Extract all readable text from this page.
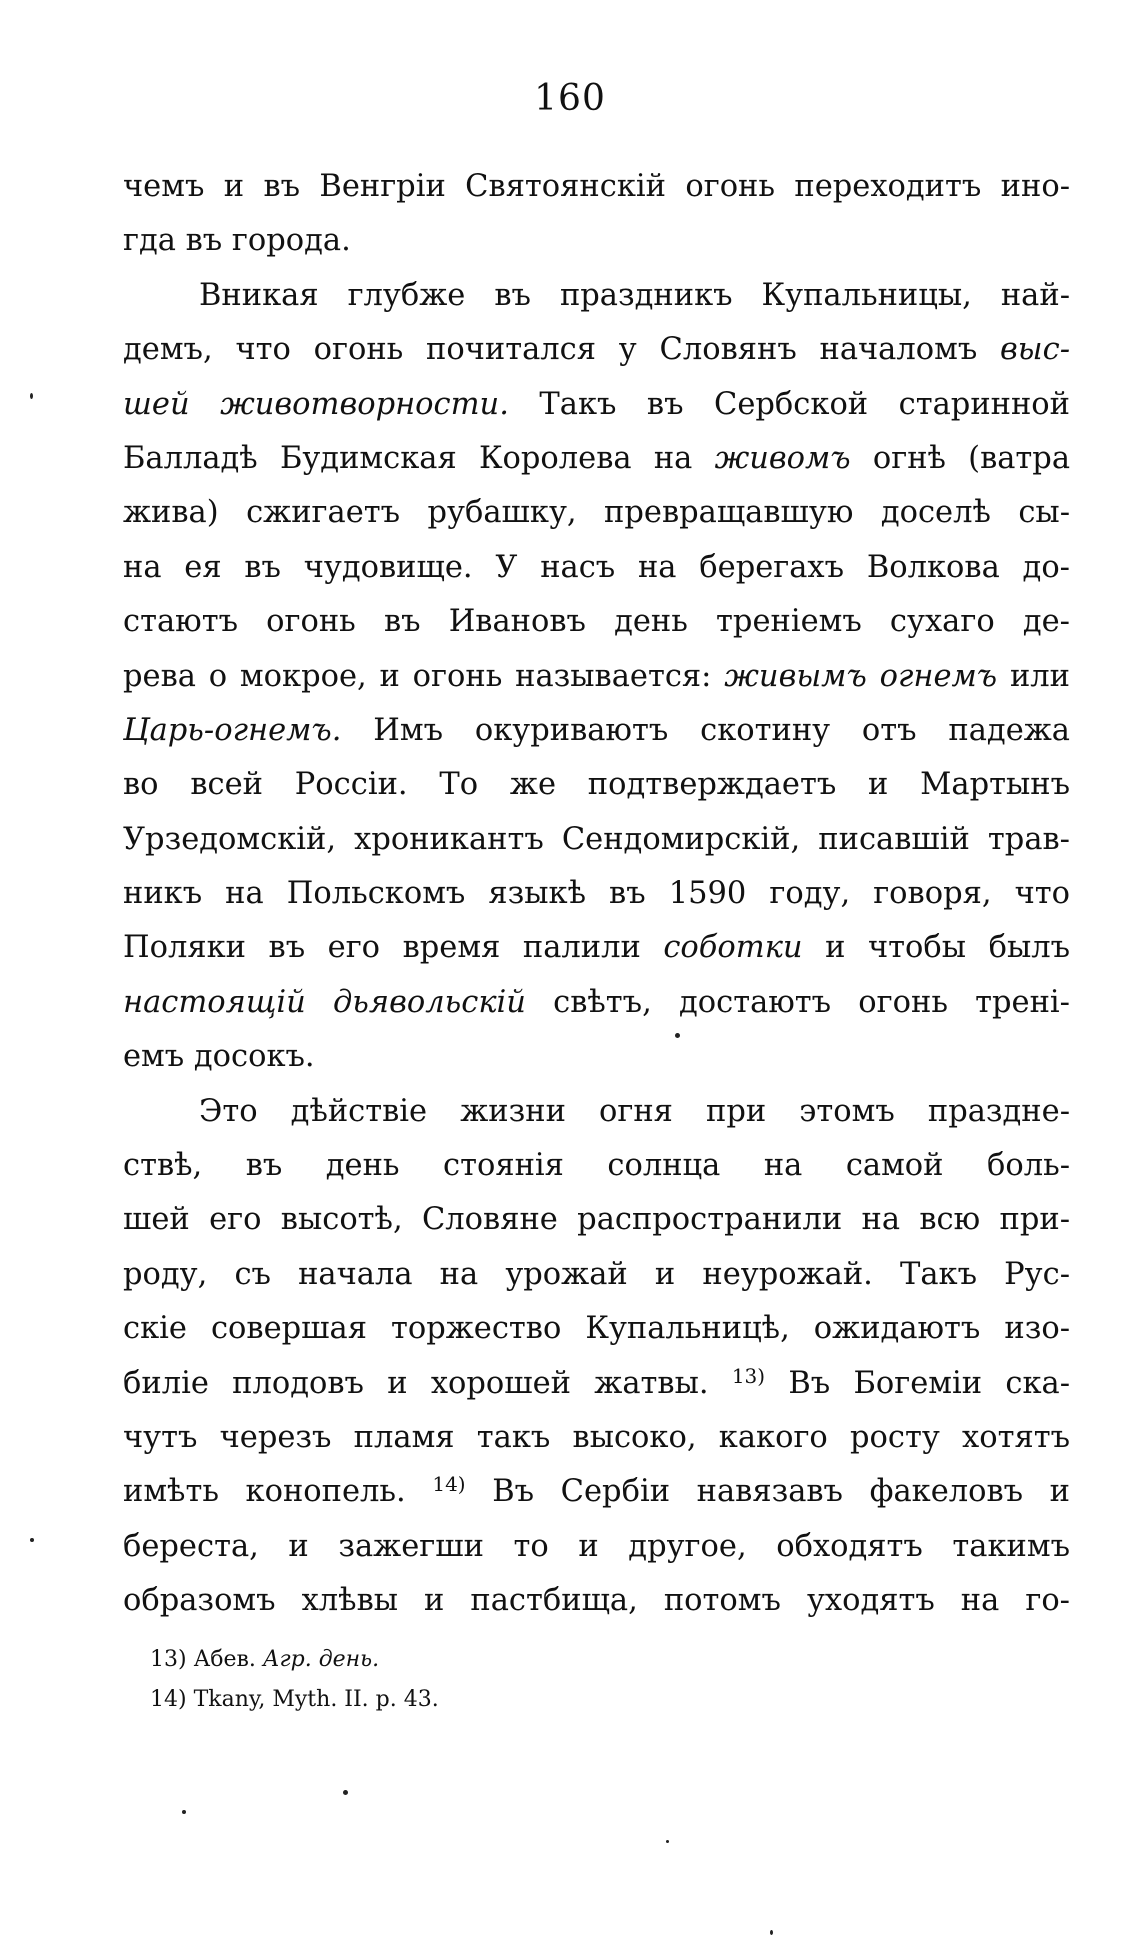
160
чемъ и въ Венгріи Святоянскій огонь переходитъ ино-
гда въ города.
Вникая глубже въ праздникъ Купальницы, най-
демъ, что огонь почитался у Словянъ началомъ выс-
шей животворности. Такъ въ Сербской старинной
Балладѣ Будимская Королева на живомъ огнѣ (ватра
жива) сжигаетъ рубашку, превращавшую доселѣ сы-
на ея въ чудовище. У насъ на берегахъ Волкова до-
стаютъ огонь въ Ивановъ день треніемъ сухаго де-
рева о мокрое, и огонь называется: живымъ огнемъ или
Царь-огнемъ. Имъ окуриваютъ скотину отъ падежа
во всей Россіи. То же подтверждаетъ и Мартынъ
Урзедомскій, хроникантъ Сендомирскій, писавшій трав-
никъ на Польскомъ языкѣ въ 1590 году, говоря, что
Поляки въ его время палили соботки и чтобы былъ
настоящій дьявольскій свѣтъ, достаютъ огонь трені-
емъ досокъ.
Это дѣйствіе жизни огня при этомъ праздне-
ствѣ, въ день стоянія солнца на самой боль-
шей его высотѣ, Словяне распространили на всю при-
роду, съ начала на урожай и неурожай. Такъ Рус-
скіе совершая торжество Купальницѣ, ожидаютъ изо-
биліе плодовъ и хорошей жатвы. $^{13)}$ Въ Богеміи ска-
чутъ черезъ пламя такъ высоко, какого росту хотятъ
имѣть конопель. $^{14)}$ Въ Сербіи навязавъ факеловъ и
береста, и зажегши то и другое, обходятъ такимъ
образомъ хлѣвы и пастбища, потомъ уходятъ на го-
13) Абев. Агр. день.
14) Tkany, Myth. II. p. 43.
